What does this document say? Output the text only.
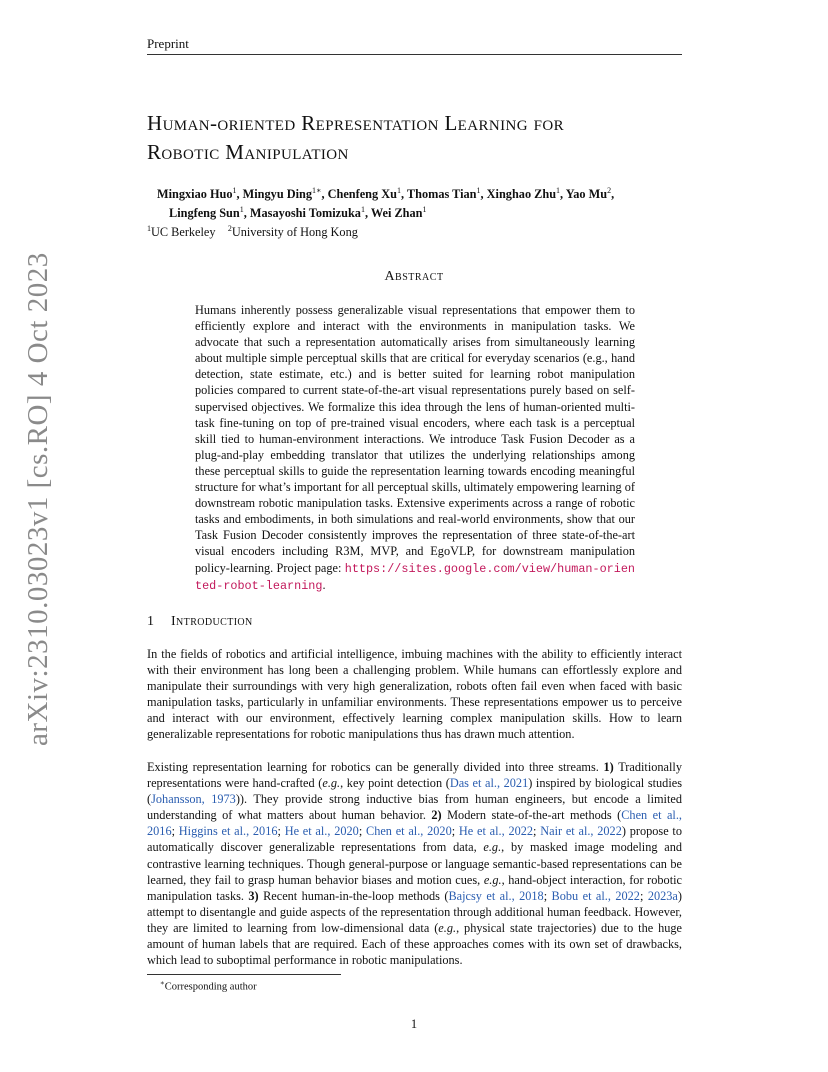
Preprint
Human-oriented Representation Learning for
Robotic Manipulation
Mingxiao Huo$^1$, Mingyu Ding$^{1∗}$, Chenfeng Xu$^1$, Thomas Tian$^1$, Xinghao Zhu$^1$, Yao Mu$^2$,
Lingfeng Sun$^1$, Masayoshi Tomizuka$^1$, Wei Zhan$^1$
$^1$UC Berkeley $^2$University of Hong Kong
Abstract

Humans inherently possess generalizable visual representations that empower them to efficiently explore and interact with the environments in manipulation tasks. We advocate that such a representation automatically arises from simultaneously learning about multiple simple perceptual skills that are critical for everyday scenarios (e.g., hand detection, state estimate, etc.) and is better suited for learning robot manipulation policies compared to current state-of-the-art visual representations purely based on self-supervised objectives. We formalize this idea through the lens of human-oriented multi-task fine-tuning on top of pre-trained visual encoders, where each task is a perceptual skill tied to human-environment interactions. We introduce Task Fusion Decoder as a plug-and-play embedding translator that utilizes the underlying relationships among these perceptual skills to guide the representation learning towards encoding meaningful structure for what’s important for all perceptual skills, ultimately empowering learning of downstream robotic manipulation tasks. Extensive experiments across a range of robotic tasks and embodiments, in both simulations and real-world environments, show that our Task Fusion Decoder consistently improves the representation of three state-of-the-art visual encoders including R3M, MVP, and EgoVLP, for downstream manipulation policy-learning. Project page: https://sites.google.com/view/human-oriented-robot-learning.

1 Introduction

In the fields of robotics and artificial intelligence, imbuing machines with the ability to efficiently interact with their environment has long been a challenging problem. While humans can effortlessly explore and manipulate their surroundings with very high generalization, robots often fail even when faced with basic manipulation tasks, particularly in unfamiliar environments. These representations empower us to perceive and interact with our environment, effectively learning complex manipulation skills. How to learn generalizable representations for robotic manipulations thus has drawn much attention.

Existing representation learning for robotics can be generally divided into three streams. 1) Traditionally representations were hand-crafted (e.g., key point detection (Das et al., 2021) inspired by biological studies (Johansson, 1973)). They provide strong inductive bias from human engineers, but encode a limited understanding of what matters about human behavior. 2) Modern state-of-the-art methods (Chen et al., 2016; Higgins et al., 2016; He et al., 2020; Chen et al., 2020; He et al., 2022; Nair et al., 2022) propose to automatically discover generalizable representations from data, e.g., by masked image modeling and contrastive learning techniques. Though general-purpose or language semantic-based representations can be learned, they fail to grasp human behavior biases and motion cues, e.g., hand-object interaction, for robotic manipulation tasks. 3) Recent human-in-the-loop methods (Bajcsy et al., 2018; Bobu et al., 2022; 2023a) attempt to disentangle and guide aspects of the representation through additional human feedback. However, they are limited to learning from low-dimensional data (e.g., physical state trajectories) due to the huge amount of human labels that are required. Each of these approaches comes with its own set of drawbacks, which lead to suboptimal performance in robotic manipulations.

∗Corresponding author
1
arXiv:2310.03023v1 [cs.RO] 4 Oct 2023
